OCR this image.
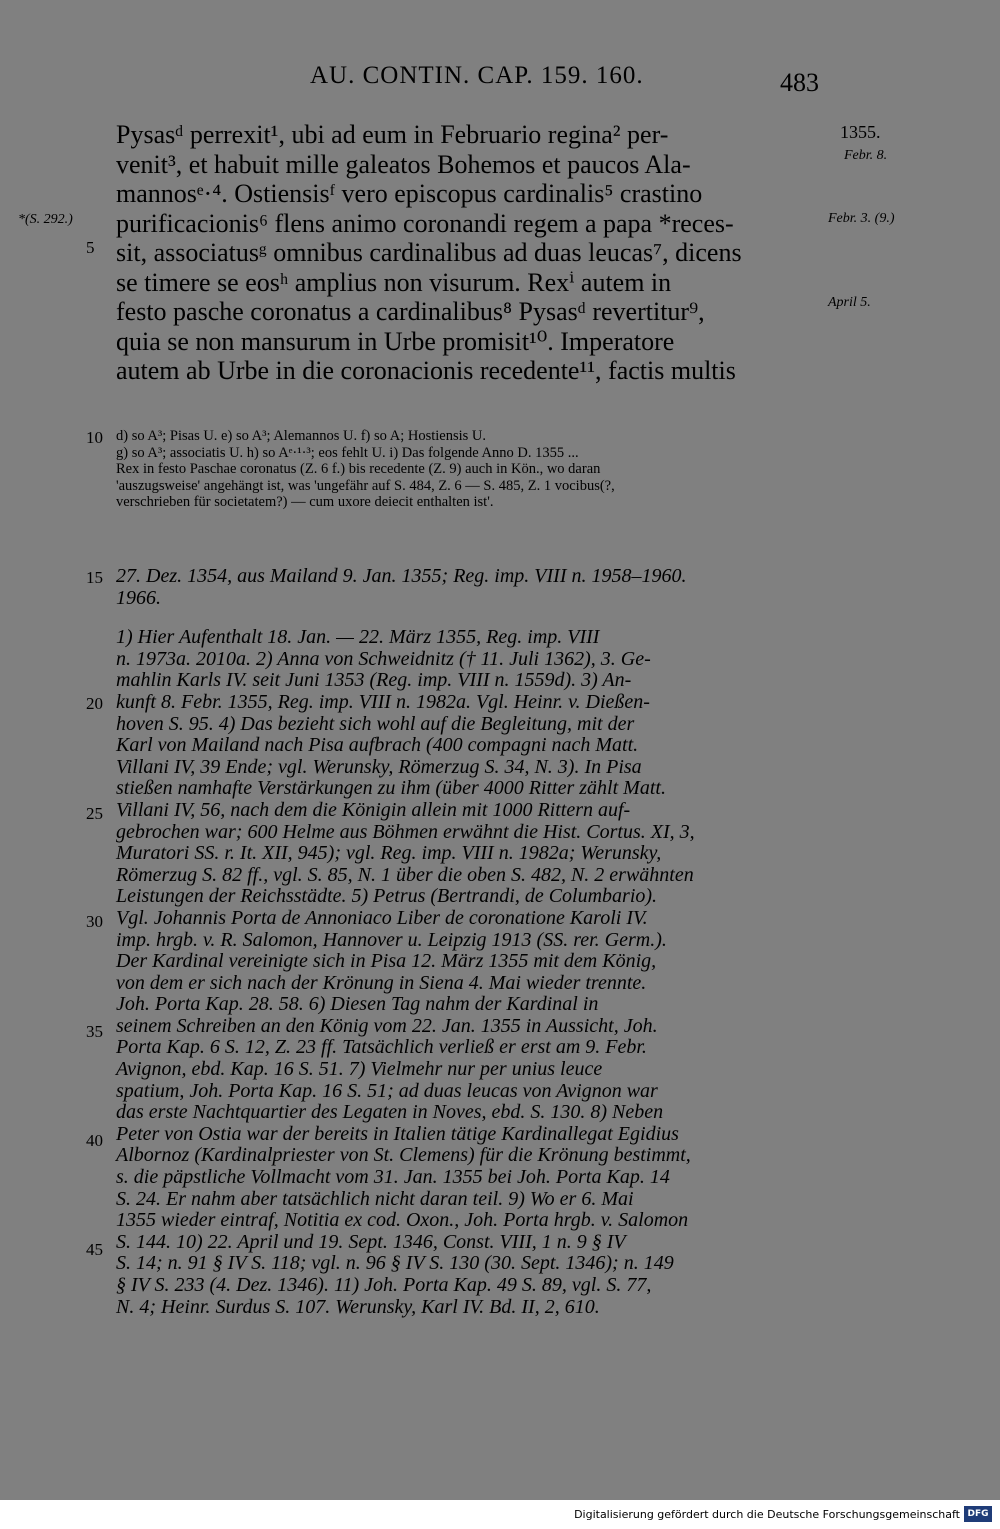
AU. CONTIN. CAP. 159. 160.	483
1355.
Febr. 8.
Febr. 3. (9.)
April 5.
*(S. 292.)
5
10
15
20
25
30
35
40
45
Pysasᵈ perrexit¹, ubi ad eum in Februario regina² per-
venit³, et habuit mille galeatos Bohemos et paucos Ala-
mannosᵉ·⁴. Ostiensisᶠ vero episcopus cardinalis⁵ crastino
purificacionis⁶ flens animo coronandi regem a papa *reces-
sit, associatusᵍ omnibus cardinalibus ad duas leucas⁷, dicens
se timere se eosʰ amplius non visurum. Rexⁱ autem in
festo pasche coronatus a cardinalibus⁸ Pysasᵈ revertitur⁹,
quia se non mansurum in Urbe promisit¹⁰. Imperatore
autem ab Urbe in die coronacionis recedente¹¹, factis multis
d) so A³; Pisas U. e) so A³; Alemannos U. f) so A; Hostiensis U.
g) so A³; associatis U. h) so Aᵉ·¹·³; eos fehlt U. i) Das folgende Anno D. 1355 ...
Rex in festo Paschae coronatus (Z. 6 f.) bis recedente (Z. 9) auch in Kön., wo daran
'auszugsweise' angehängt ist, was 'ungefähr auf S. 484, Z. 6 — S. 485, Z. 1 vocibus(?,
verschrieben für societatem?) — cum uxore deiecit enthalten ist'.
27. Dez. 1354, aus Mailand 9. Jan. 1355; Reg. imp. VIII n. 1958–1960.
1966.
1) Hier Aufenthalt 18. Jan. — 22. März 1355, Reg. imp. VIII
n. 1973a. 2010a. 2) Anna von Schweidnitz († 11. Juli 1362), 3. Ge-
mahlin Karls IV. seit Juni 1353 (Reg. imp. VIII n. 1559d). 3) An-
kunft 8. Febr. 1355, Reg. imp. VIII n. 1982a. Vgl. Heinr. v. Dießen-
hoven S. 95. 4) Das bezieht sich wohl auf die Begleitung, mit der
Karl von Mailand nach Pisa aufbrach (400 compagni nach Matt.
Villani IV, 39 Ende; vgl. Werunsky, Römerzug S. 34, N. 3). In Pisa
stießen namhafte Verstärkungen zu ihm (über 4000 Ritter zählt Matt.
Villani IV, 56, nach dem die Königin allein mit 1000 Rittern auf-
gebrochen war; 600 Helme aus Böhmen erwähnt die Hist. Cortus. XI, 3,
Muratori SS. r. It. XII, 945); vgl. Reg. imp. VIII n. 1982a; Werunsky,
Römerzug S. 82 ff., vgl. S. 85, N. 1 über die oben S. 482, N. 2 erwähnten
Leistungen der Reichsstädte. 5) Petrus (Bertrandi, de Columbario).
Vgl. Johannis Porta de Annoniaco Liber de coronatione Karoli IV.
imp. hrgb. v. R. Salomon, Hannover u. Leipzig 1913 (SS. rer. Germ.).
Der Kardinal vereinigte sich in Pisa 12. März 1355 mit dem König,
von dem er sich nach der Krönung in Siena 4. Mai wieder trennte.
Joh. Porta Kap. 28. 58. 6) Diesen Tag nahm der Kardinal in
seinem Schreiben an den König vom 22. Jan. 1355 in Aussicht, Joh.
Porta Kap. 6 S. 12, Z. 23 ff. Tatsächlich verließ er erst am 9. Febr.
Avignon, ebd. Kap. 16 S. 51. 7) Vielmehr nur per unius leuce
spatium, Joh. Porta Kap. 16 S. 51; ad duas leucas von Avignon war
das erste Nachtquartier des Legaten in Noves, ebd. S. 130. 8) Neben
Peter von Ostia war der bereits in Italien tätige Kardinallegat Egidius
Albornoz (Kardinalpriester von St. Clemens) für die Krönung bestimmt,
s. die päpstliche Vollmacht vom 31. Jan. 1355 bei Joh. Porta Kap. 14
S. 24. Er nahm aber tatsächlich nicht daran teil. 9) Wo er 6. Mai
1355 wieder eintraf, Notitia ex cod. Oxon., Joh. Porta hrgb. v. Salomon
S. 144. 10) 22. April und 19. Sept. 1346, Const. VIII, 1 n. 9 § IV
S. 14; n. 91 § IV S. 118; vgl. n. 96 § IV S. 130 (30. Sept. 1346); n. 149
§ IV S. 233 (4. Dez. 1346). 11) Joh. Porta Kap. 49 S. 89, vgl. S. 77,
N. 4; Heinr. Surdus S. 107. Werunsky, Karl IV. Bd. II, 2, 610.
Digitalisierung gefördert durch die Deutsche Forschungsgemeinschaft DFG
